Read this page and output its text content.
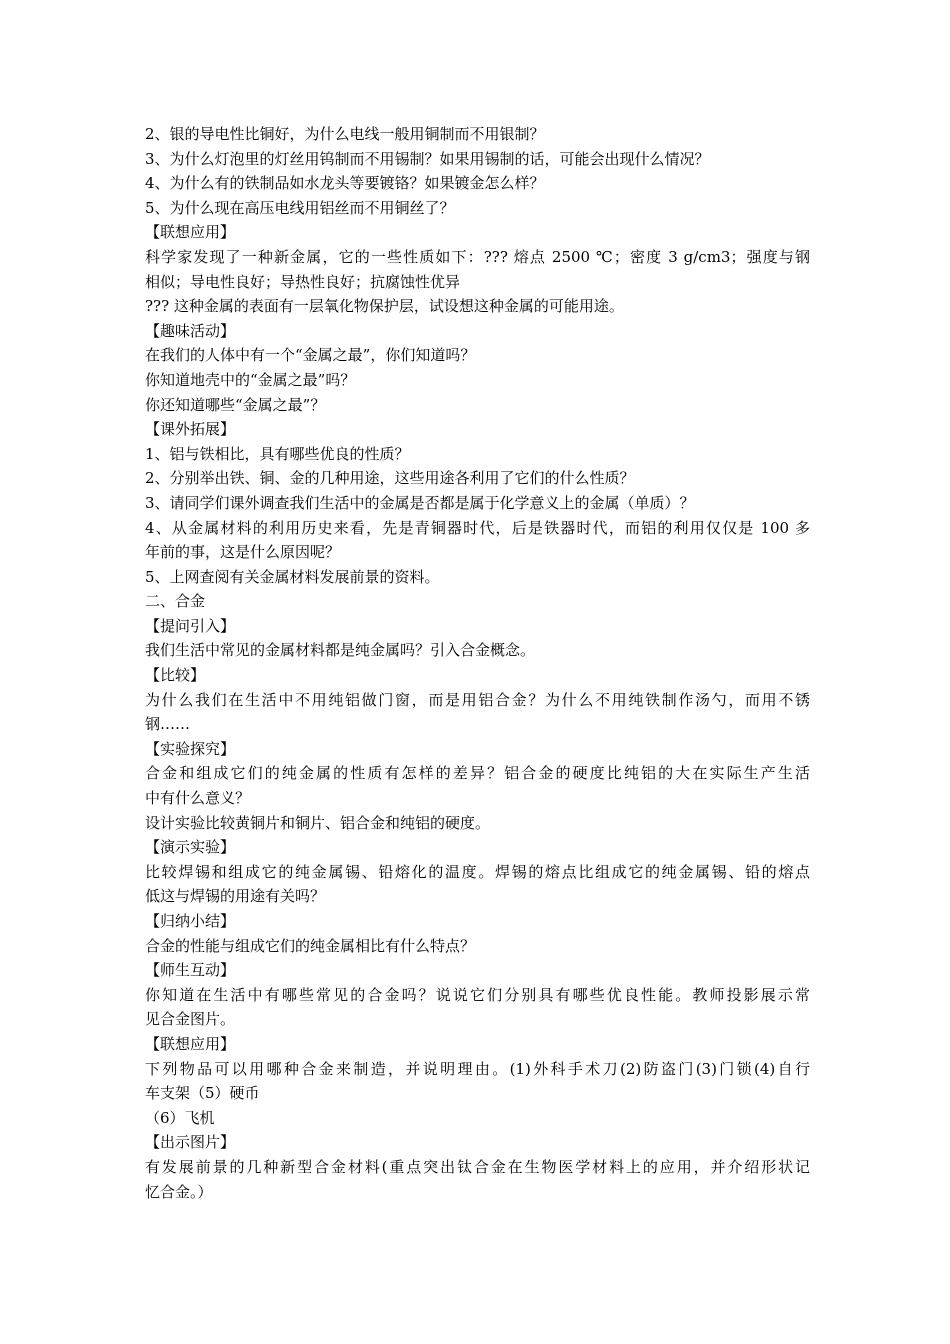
2、银的导电性比铜好，为什么电线一般用铜制而不用银制？
3、为什么灯泡里的灯丝用钨制而不用锡制？如果用锡制的话，可能会出现什么情况？
4、为什么有的铁制品如水龙头等要镀铬？如果镀金怎么样？
5、为什么现在高压电线用铝丝而不用铜丝了？
【联想应用】
科学家发现了一种新金属，它的一些性质如下：??? 熔点 2500 ℃；密度 3 g/cm3；强度与钢
相似；导电性良好；导热性良好；抗腐蚀性优异
??? 这种金属的表面有一层氧化物保护层，试设想这种金属的可能用途。
【趣味活动】
在我们的人体中有一个“金属之最”，你们知道吗？
你知道地壳中的“金属之最”吗？
你还知道哪些“金属之最”？
【课外拓展】
1、铝与铁相比，具有哪些优良的性质？
2、分别举出铁、铜、金的几种用途，这些用途各利用了它们的什么性质？
3、请同学们课外调查我们生活中的金属是否都是属于化学意义上的金属（单质）？
4、从金属材料的利用历史来看，先是青铜器时代，后是铁器时代，而铝的利用仅仅是 100 多
年前的事，这是什么原因呢？
5、上网查阅有关金属材料发展前景的资料。
二、合金
【提问引入】
我们生活中常见的金属材料都是纯金属吗？引入合金概念。
【比较】
为什么我们在生活中不用纯铝做门窗，而是用铝合金？为什么不用纯铁制作汤勺，而用不锈
钢……
【实验探究】
合金和组成它们的纯金属的性质有怎样的差异？铝合金的硬度比纯铝的大在实际生产生活
中有什么意义？
设计实验比较黄铜片和铜片、铝合金和纯铝的硬度。
【演示实验】
比较焊锡和组成它的纯金属锡、铅熔化的温度。焊锡的熔点比组成它的纯金属锡、铅的熔点
低这与焊锡的用途有关吗？
【归纳小结】
合金的性能与组成它们的纯金属相比有什么特点？
【师生互动】
你知道在生活中有哪些常见的合金吗？说说它们分别具有哪些优良性能。教师投影展示常
见合金图片。
【联想应用】
下列物品可以用哪种合金来制造，并说明理由。(1)外科手术刀(2)防盗门(3)门锁(4)自行
车支架（5）硬币
（6）飞机
【出示图片】
有发展前景的几种新型合金材料(重点突出钛合金在生物医学材料上的应用，并介绍形状记
忆合金。）
